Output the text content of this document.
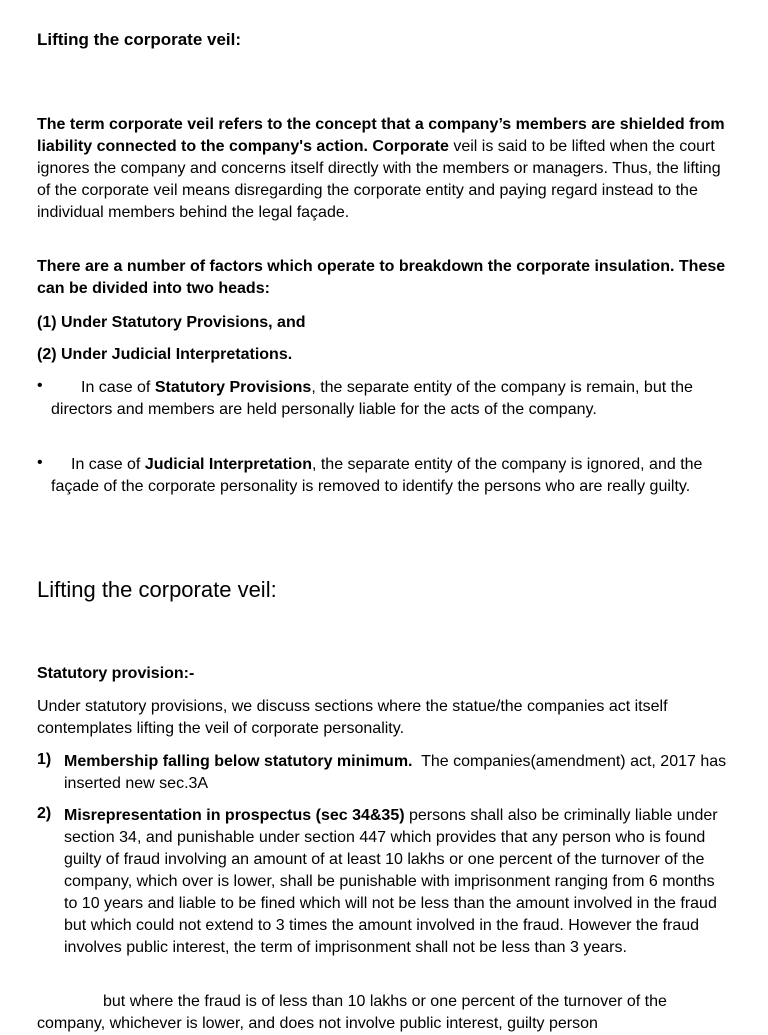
Lifting the corporate veil:

The term corporate veil refers to the concept that a company’s members are shielded from liability connected to the company's action. Corporate veil is said to be lifted when the court ignores the company and concerns itself directly with the members or managers. Thus, the lifting of the corporate veil means disregarding the corporate entity and paying regard instead to the individual members behind the legal façade.

There are a number of factors which operate to breakdown the corporate insulation. These can be divided into two heads:

(1) Under Statutory Provisions, and

(2) Under Judicial Interpretations.

•	In case of Statutory Provisions, the separate entity of the company is remain, but the directors and members are held personally liable for the acts of the company.

•	In case of Judicial Interpretation, the separate entity of the company is ignored, and the façade of the corporate personality is removed to identify the persons who are really guilty.

Lifting the corporate veil:

Statutory provision:-

Under statutory provisions, we discuss sections where the statue/the companies act itself contemplates lifting the veil of corporate personality.

1) Membership falling below statutory minimum.  The companies(amendment) act, 2017 has inserted new sec.3A

2) Misrepresentation in prospectus (sec 34&35) persons shall also be criminally liable under section 34, and punishable under section 447 which provides that any person who is found guilty of fraud involving an amount of at least 10 lakhs or one percent of the turnover of the company, which over is lower, shall be punishable with imprisonment ranging from 6 months to 10 years and liable to be fined which will not be less than the amount involved in the fraud but which could not extend to 3 times the amount involved in the fraud. However the fraud involves public interest, the term of imprisonment shall not be less than 3 years.

but where the fraud is of less than 10 lakhs or one percent of the turnover of the company, whichever is lower, and does not involve public interest, guilty person
